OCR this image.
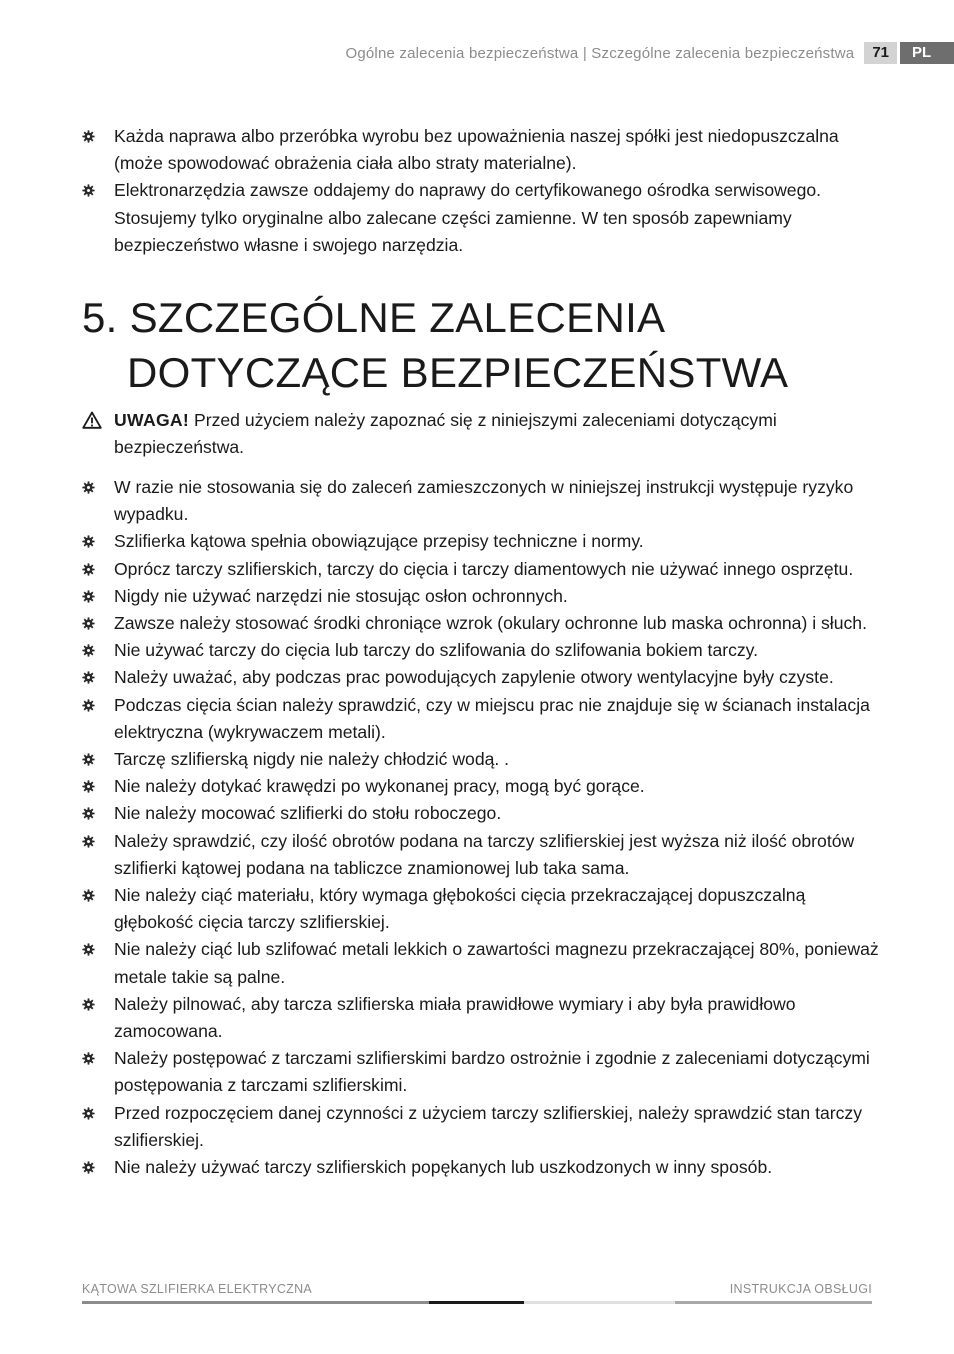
Ogólne zalecenia bezpieczeństwa | Szczególne zalecenia bezpieczeństwa	71	PL
Każda naprawa albo przeróbka wyrobu bez upoważnienia naszej spółki jest niedopuszczalna (może spowodować obrażenia ciała albo straty materialne).
Elektronarzędzia zawsze oddajemy do naprawy do certyfikowanego ośrodka serwisowego. Stosujemy tylko oryginalne albo zalecane części zamienne. W ten sposób zapewniamy bezpieczeństwo własne i swojego narzędzia.
5. SZCZEGÓLNE ZALECENIA
DOTYCZĄCE BEZPIECZEŃSTWA
UWAGA! Przed użyciem należy zapoznać się z niniejszymi zaleceniami dotyczącymi bezpieczeństwa.
W razie nie stosowania się do zaleceń zamieszczonych w niniejszej instrukcji występuje ryzyko wypadku.
Szlifierka kątowa spełnia obowiązujące przepisy techniczne i normy.
Oprócz tarczy szlifierskich, tarczy do cięcia i tarczy diamentowych nie używać innego osprzętu.
Nigdy nie używać narzędzi nie stosując osłon ochronnych.
Zawsze należy stosować środki chroniące wzrok (okulary ochronne lub maska ochronna) i słuch.
Nie używać tarczy do cięcia lub tarczy do szlifowania do szlifowania bokiem tarczy.
Należy uważać, aby podczas prac powodujących zapylenie otwory wentylacyjne były czyste.
Podczas cięcia ścian należy sprawdzić, czy w miejscu prac nie znajduje się w ścianach instalacja elektryczna (wykrywaczem metali).
Tarczę szlifierską nigdy nie należy chłodzić wodą. .
Nie należy dotykać krawędzi po wykonanej pracy, mogą być gorące.
Nie należy mocować szlifierki do stołu roboczego.
Należy sprawdzić, czy ilość obrotów podana na tarczy szlifierskiej jest wyższa niż ilość obrotów szlifierki kątowej podana na tabliczce znamionowej lub taka sama.
Nie należy ciąć materiału, który wymaga głębokości cięcia przekraczającej dopuszczalną głębokość cięcia tarczy szlifierskiej.
Nie należy ciąć lub szlifować metali lekkich o zawartości magnezu przekraczającej 80%, ponieważ metale takie są palne.
Należy pilnować, aby tarcza szlifierska miała prawidłowe wymiary i aby była prawidłowo zamocowana.
Należy postępować z tarczami szlifierskimi bardzo ostrożnie i zgodnie z zaleceniami dotyczącymi postępowania z tarczami szlifierskimi.
Przed rozpoczęciem danej czynności z użyciem tarczy szlifierskiej, należy sprawdzić stan tarczy szlifierskiej.
Nie należy używać tarczy szlifierskich popękanych lub uszkodzonych w inny sposób.
KĄTOWA SZLIFIERKA ELEKTRYCZNA	INSTRUKCJA OBSŁUGI
